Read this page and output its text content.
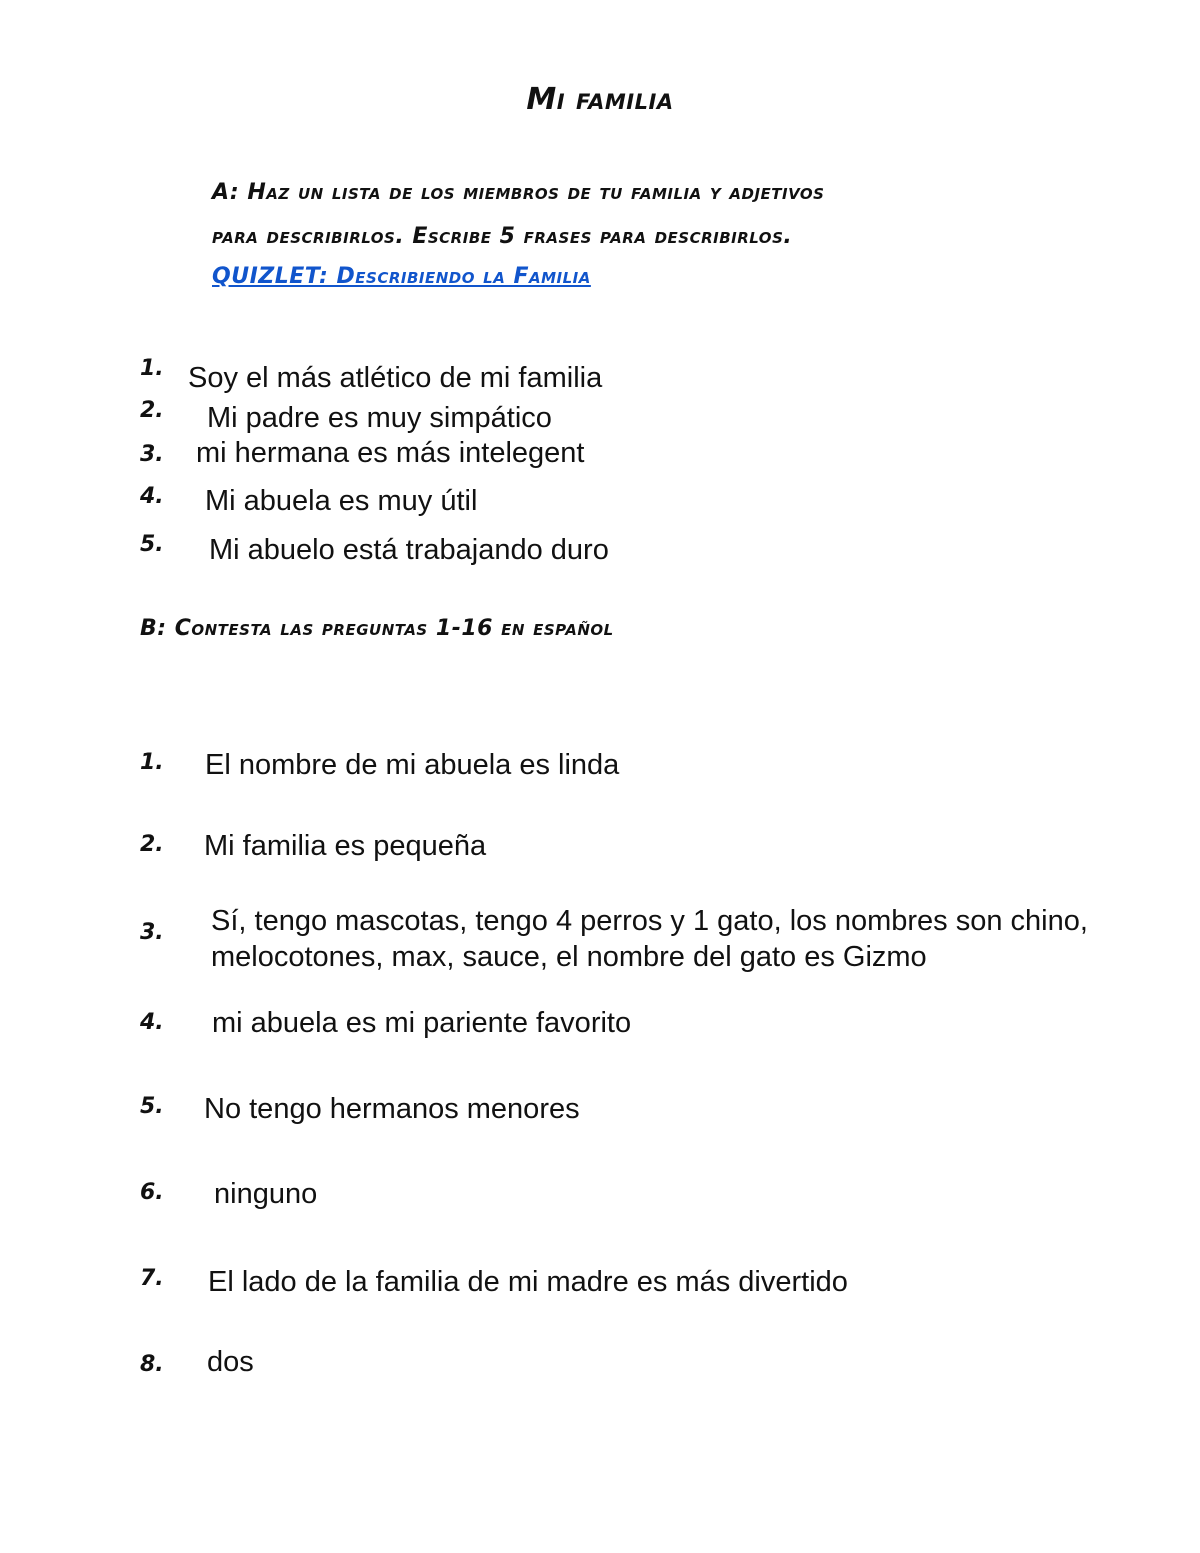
Mi familia
A: Haz un lista de los miembros de tu familia y adjetivos
para describirlos. Escribe 5 frases para describirlos.
QUIZLET: Describiendo la Familia
1. Soy el más atlético de mi familia
2. Mi padre es muy simpático
3. mi hermana es más intelegent
4. Mi abuela es muy útil
5. Mi abuelo está trabajando duro
B: Contesta las preguntas 1-16 en español
1. El nombre de mi abuela es linda
2. Mi familia es pequeña
3. Sí, tengo mascotas, tengo 4 perros y 1 gato, los nombres son chino, melocotones, max, sauce, el nombre del gato es Gizmo
4. mi abuela es mi pariente favorito
5. No tengo hermanos menores
6. ninguno
7. El lado de la familia de mi madre es más divertido
8. dos
